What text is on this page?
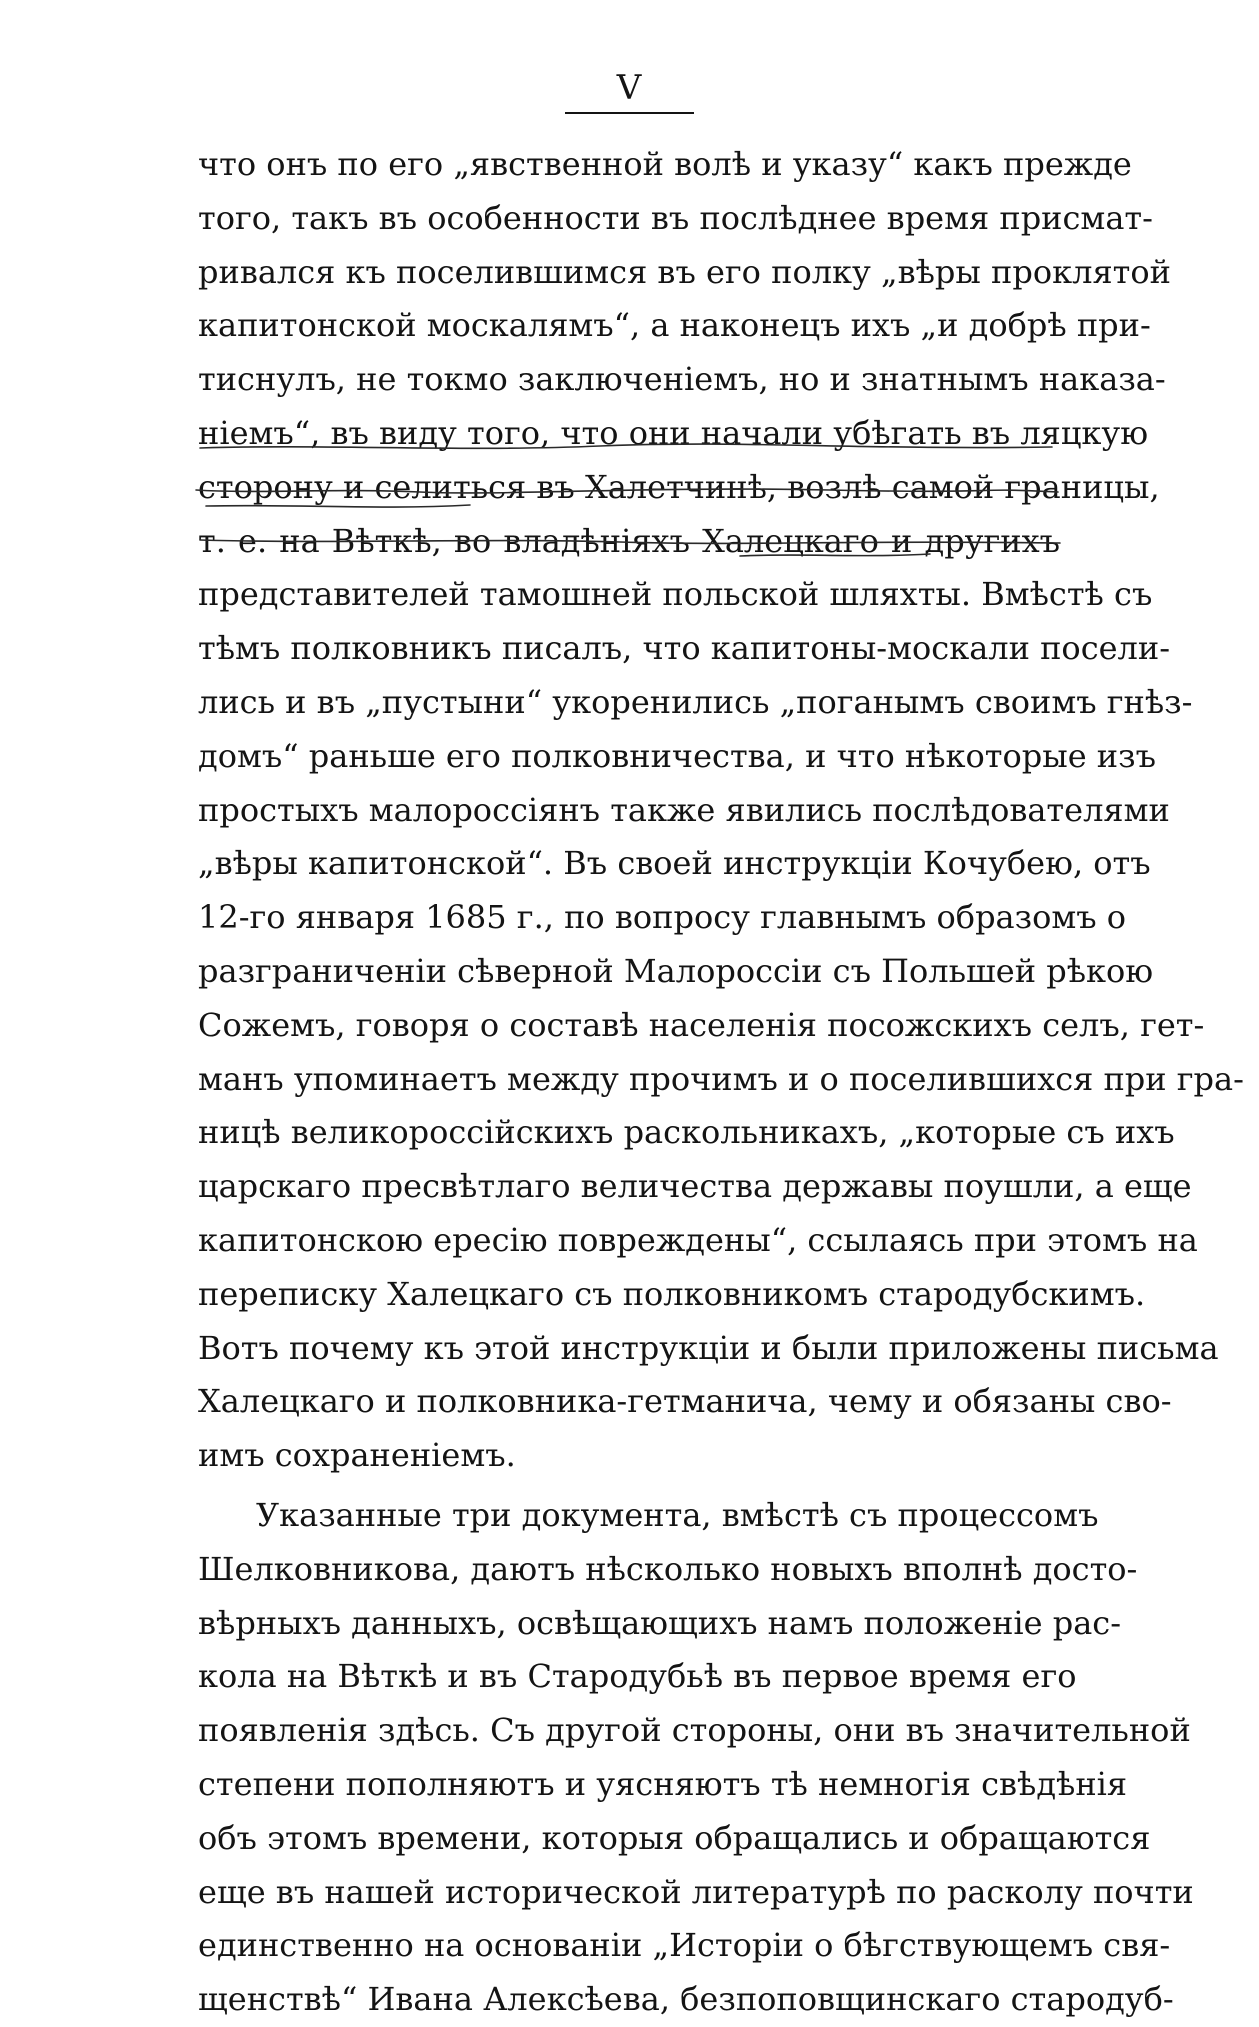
V
что онъ по его „явственной волѣ и указу“ какъ прежде
того, такъ въ особенности въ послѣднее время присмат-
ривался къ поселившимся въ его полку „вѣры проклятой
капитонской москалямъ“, а наконецъ ихъ „и добрѣ при-
тиснулъ, не токмо заключенiемъ, но и знатнымъ наказа-
нiемъ“, въ виду того, что они начали убѣгать въ ляцкую
сторону и селиться въ Халетчинѣ, возлѣ самой границы,
т. е. на Вѣткѣ, во владѣнiяхъ Халецкаго и другихъ
представителей тамошней польской шляхты. Вмѣстѣ съ
тѣмъ полковникъ писалъ, что капитоны-москали посели-
лись и въ „пустыни“ укоренились „поганымъ своимъ гнѣз-
домъ“ раньше его полковничества, и что нѣкоторые изъ
простыхъ малороссiянъ также явились послѣдователями
„вѣры капитонской“. Въ своей инструкцiи Кочубею, отъ
12-го января 1685 г., по вопросу главнымъ образомъ о
разграниченiи сѣверной Малороссiи съ Польшей рѣкою
Сожемъ, говоря о составѣ населенiя посожскихъ селъ, гет-
манъ упоминаетъ между прочимъ и о поселившихся при гра-
ницѣ великороссiйскихъ раскольникахъ, „которые съ ихъ
царскаго пресвѣтлаго величества державы поушли, а еще
капитонскою ересiю повреждены“, ссылаясь при этомъ на
переписку Халецкаго съ полковникомъ стародубскимъ.
Вотъ почему къ этой инструкцiи и были приложены письма
Халецкаго и полковника-гетманича, чему и обязаны сво-
имъ сохраненiемъ.
Указанные три документа, вмѣстѣ съ процессомъ
Шелковникова, даютъ нѣсколько новыхъ вполнѣ досто-
вѣрныхъ данныхъ, освѣщающихъ намъ положенiе рас-
кола на Вѣткѣ и въ Стародубьѣ въ первое время его
появленiя здѣсь. Съ другой стороны, они въ значительной
степени пополняютъ и уясняютъ тѣ немногiя свѣдѣнiя
объ этомъ времени, которыя обращались и обращаются
еще въ нашей исторической литературѣ по расколу почти
единственно на основанiи „Исторiи о бѣгствующемъ свя-
щенствѣ“ Ивана Алексѣева, безпоповщинскаго стародуб-
